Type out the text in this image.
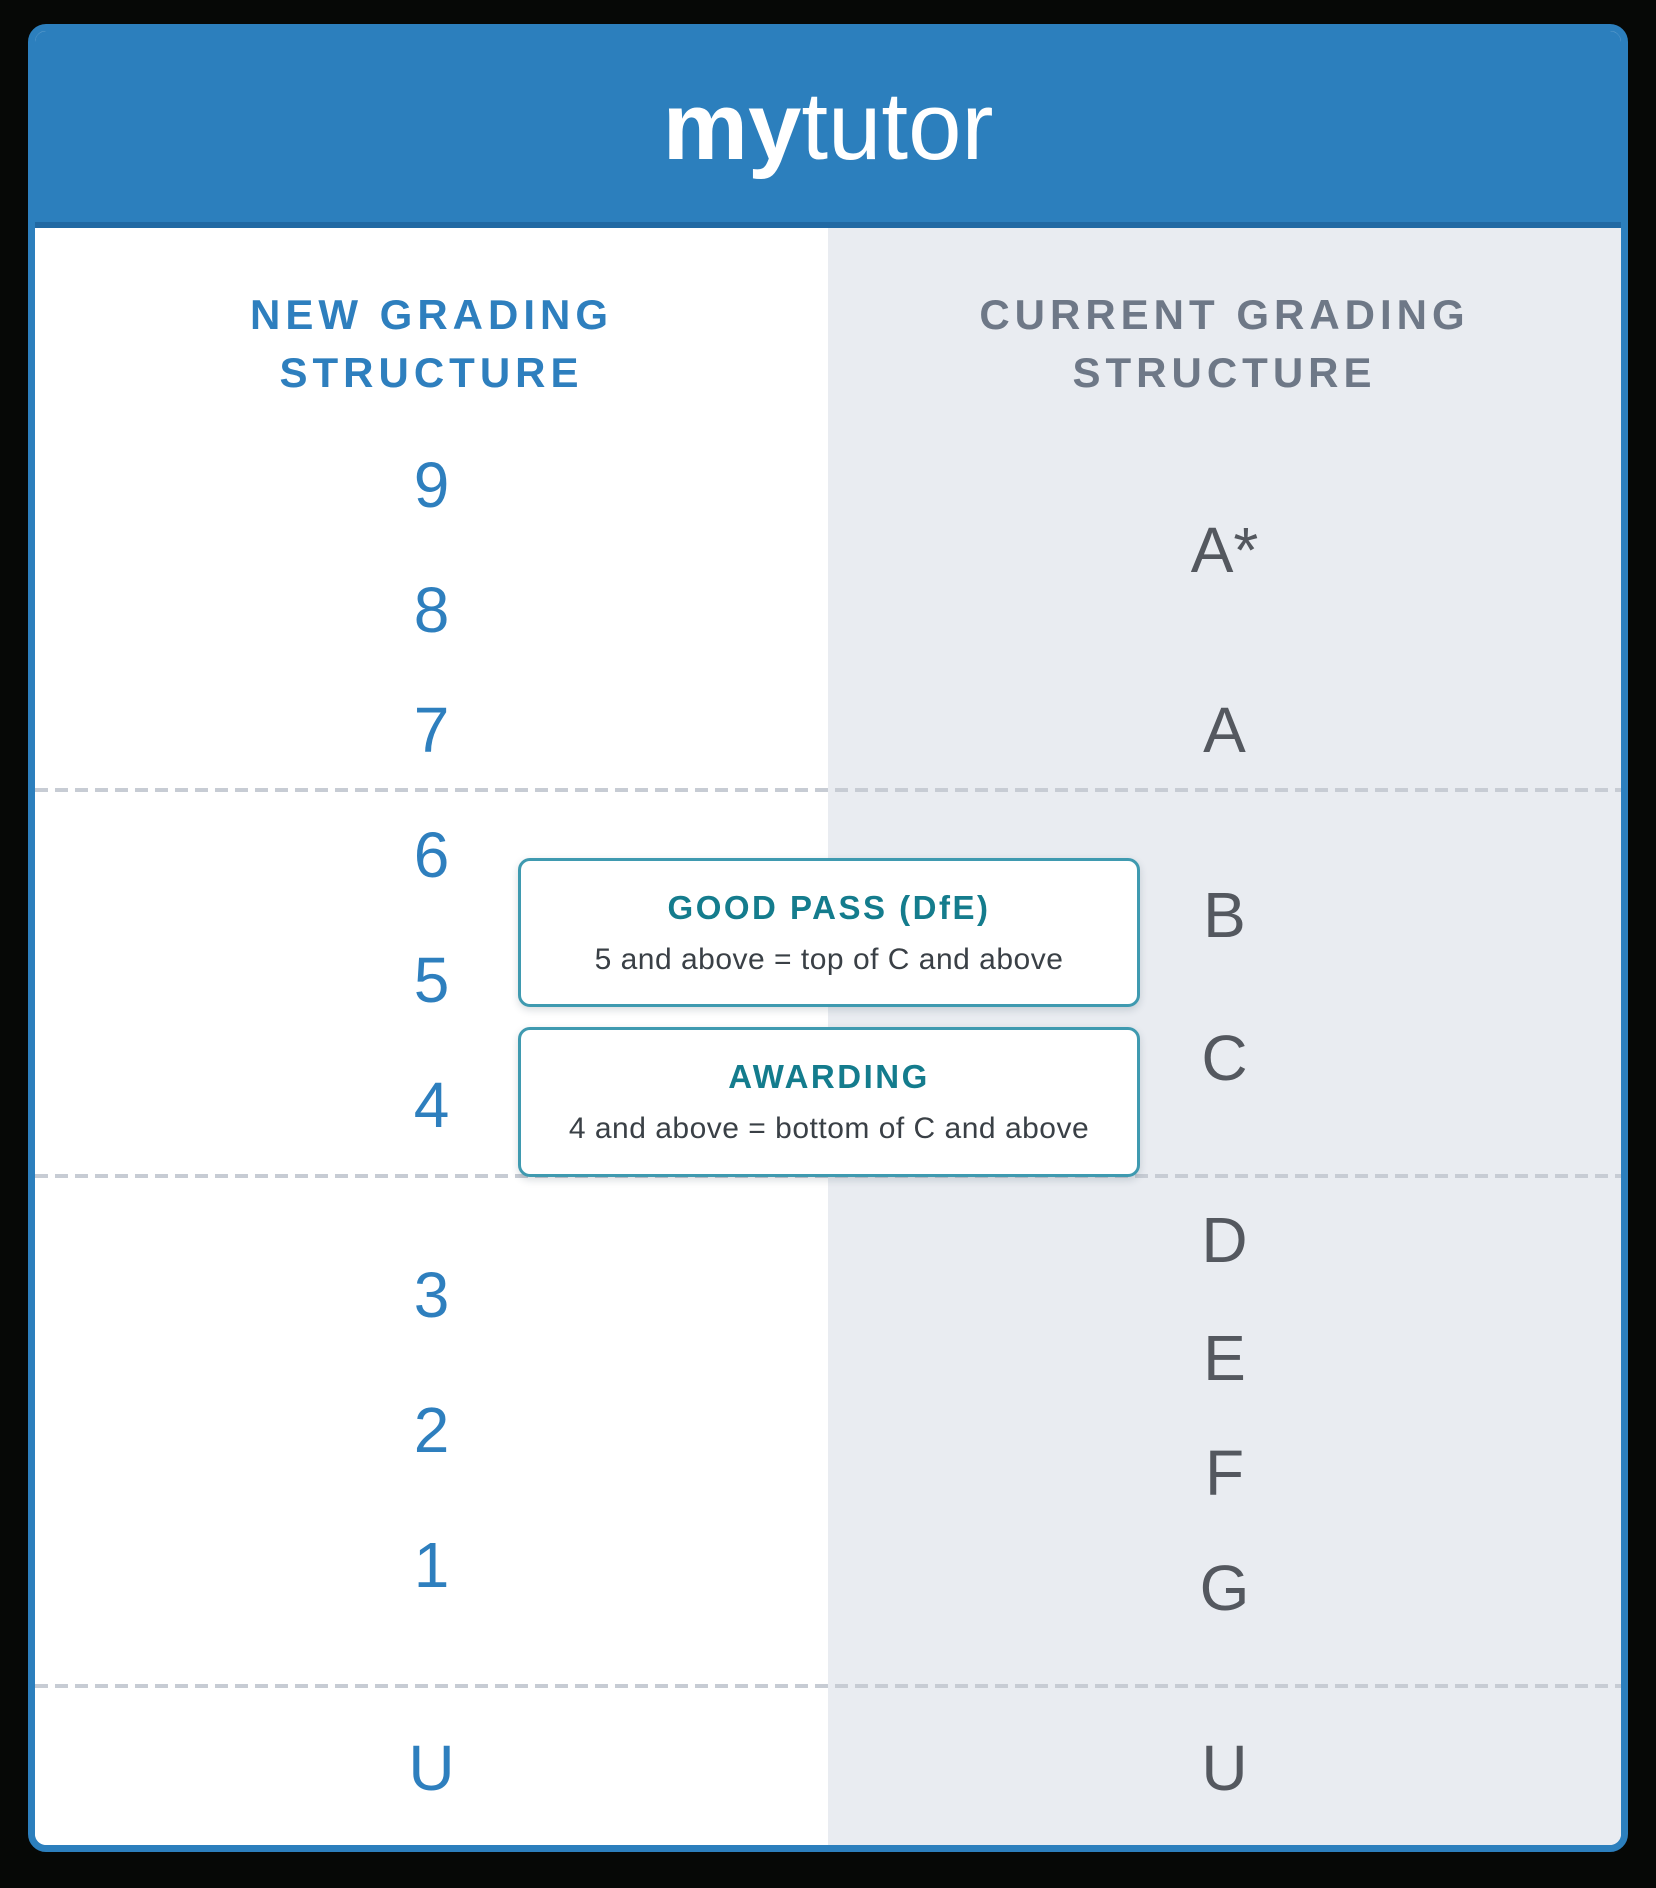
mytutor
NEW GRADING
STRUCTURE
CURRENT GRADING
STRUCTURE
9
8
7
6
5
4
3
2
1
U
A*
A
B
C
D
E
F
G
U
GOOD PASS (DfE)
5 and above = top of C and above
AWARDING
4 and above = bottom of C and above
